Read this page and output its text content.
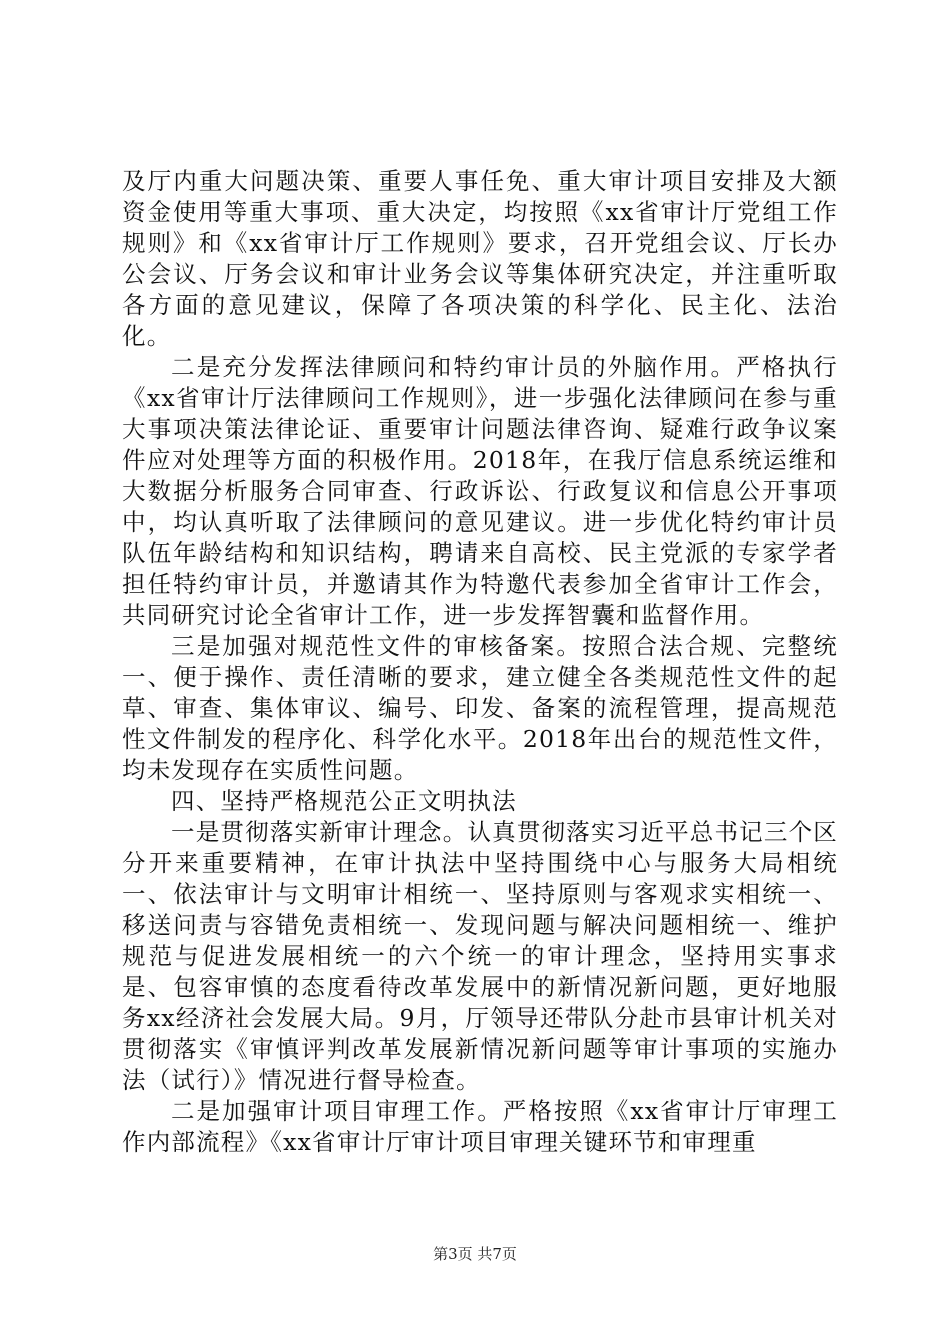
及厅内重大问题决策、重要人事任免、重大审计项目安排及大额资金使用等重大事项、重大决定，均按照《xx省审计厅党组工作规则》和《xx省审计厅工作规则》要求，召开党组会议、厅长办公会议、厅务会议和审计业务会议等集体研究决定，并注重听取各方面的意见建议，保障了各项决策的科学化、民主化、法治化。

二是充分发挥法律顾问和特约审计员的外脑作用。严格执行《xx省审计厅法律顾问工作规则》，进一步强化法律顾问在参与重大事项决策法律论证、重要审计问题法律咨询、疑难行政争议案件应对处理等方面的积极作用。2018年，在我厅信息系统运维和大数据分析服务合同审查、行政诉讼、行政复议和信息公开事项中，均认真听取了法律顾问的意见建议。进一步优化特约审计员队伍年龄结构和知识结构，聘请来自高校、民主党派的专家学者担任特约审计员，并邀请其作为特邀代表参加全省审计工作会，共同研究讨论全省审计工作，进一步发挥智囊和监督作用。

三是加强对规范性文件的审核备案。按照合法合规、完整统一、便于操作、责任清晰的要求，建立健全各类规范性文件的起草、审查、集体审议、编号、印发、备案的流程管理，提高规范性文件制发的程序化、科学化水平。2018年出台的规范性文件，均未发现存在实质性问题。

四、坚持严格规范公正文明执法

一是贯彻落实新审计理念。认真贯彻落实习近平总书记三个区分开来重要精神，在审计执法中坚持围绕中心与服务大局相统一、依法审计与文明审计相统一、坚持原则与客观求实相统一、移送问责与容错免责相统一、发现问题与解决问题相统一、维护规范与促进发展相统一的六个统一的审计理念，坚持用实事求是、包容审慎的态度看待改革发展中的新情况新问题，更好地服务xx经济社会发展大局。9月，厅领导还带队分赴市县审计机关对贯彻落实《审慎评判改革发展新情况新问题等审计事项的实施办法（试行）》情况进行督导检查。

二是加强审计项目审理工作。严格按照《xx省审计厅审理工作内部流程》《xx省审计厅审计项目审理关键环节和审理重

第3页 共7页
